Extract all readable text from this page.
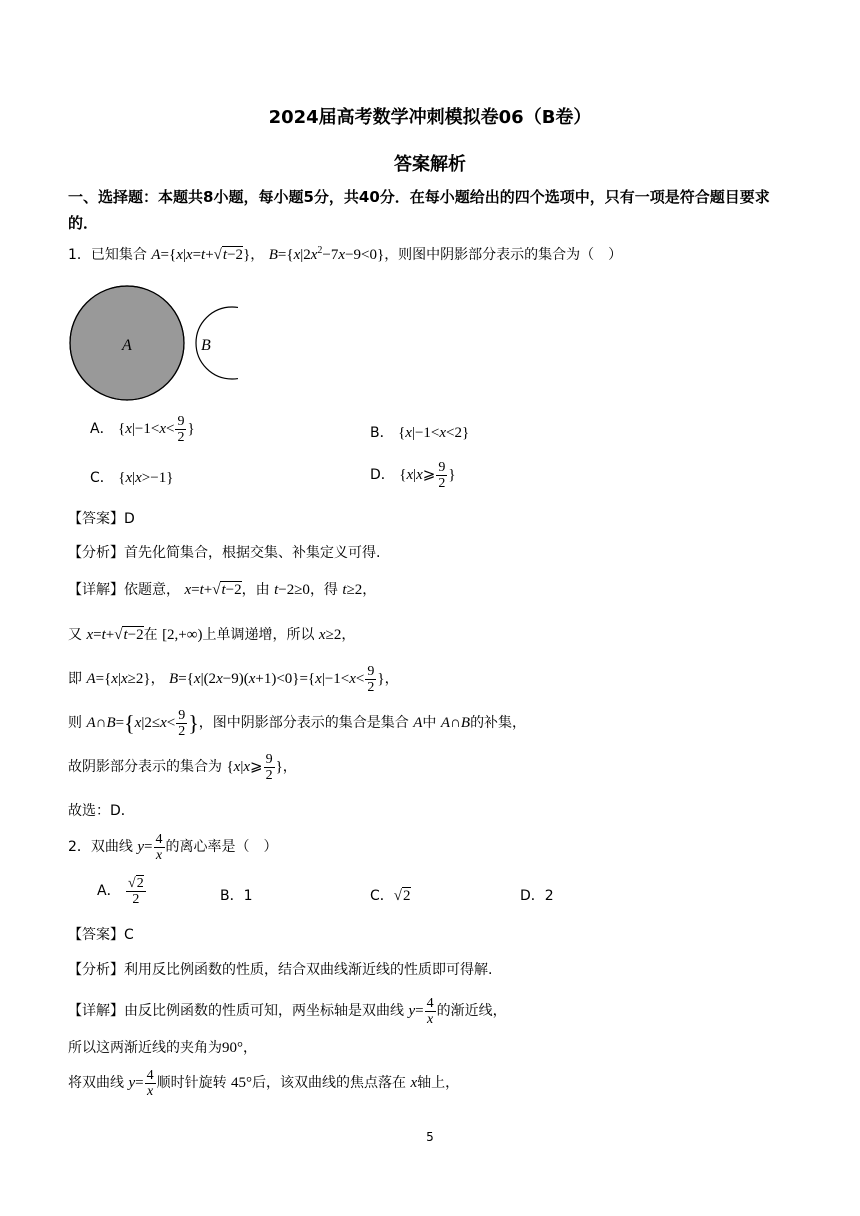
2024届高考数学冲刺模拟卷06（B卷）
答案解析
一、选择题：本题共8小题，每小题5分，共40分．在每小题给出的四个选项中，只有一项是符合题目要求的．
1．已知集合 A={x|x=t+√t−2}， $B=\{x|2x^2-7x-9<0\}$，则图中阴影部分表示的集合为（　）
A	B
A． {$x|-1<x< \frac{9}{2}$ }	B． {x|−1<x<2}
C． {x|x>−1}	D． {x|x⩾ $\frac{9}{2}$ }
【答案】D
【分析】首先化简集合，根据交集、补集定义可得.
【详解】依题意， x=t+√t−2，由 t−2≥0，得 t≥2，
又 x=t+√t−2在 [2,+∞)上单调递增，所以 x≥2，
即 A={x|x≥2}， $B=\{x|(2x-9)(x+1)<0\}=\{x|-1<x< \frac{9}{2}$ }，
则 A∩B={x|2≤x< $\frac{9}{2}$ }，图中阴影部分表示的集合是集合 A中 A∩B的补集，
故阴影部分表示的集合为 {x|x⩾ $\frac{9}{2}$ }，
故选：D．
2．双曲线 $y= \frac{4}{x}$ 的离心率是（　）
A． $\frac{√2}{2}$	B．1	C．√2	D．2
【答案】C
【分析】利用反比例函数的性质，结合双曲线渐近线的性质即可得解.
【详解】由反比例函数的性质可知，两坐标轴是双曲线 $y= \frac{4}{x}$ 的渐近线，
所以这两渐近线的夹角为90°，
将双曲线 $y= \frac{4}{x}$ 顺时针旋转 45°后，该双曲线的焦点落在 x轴上，
5
